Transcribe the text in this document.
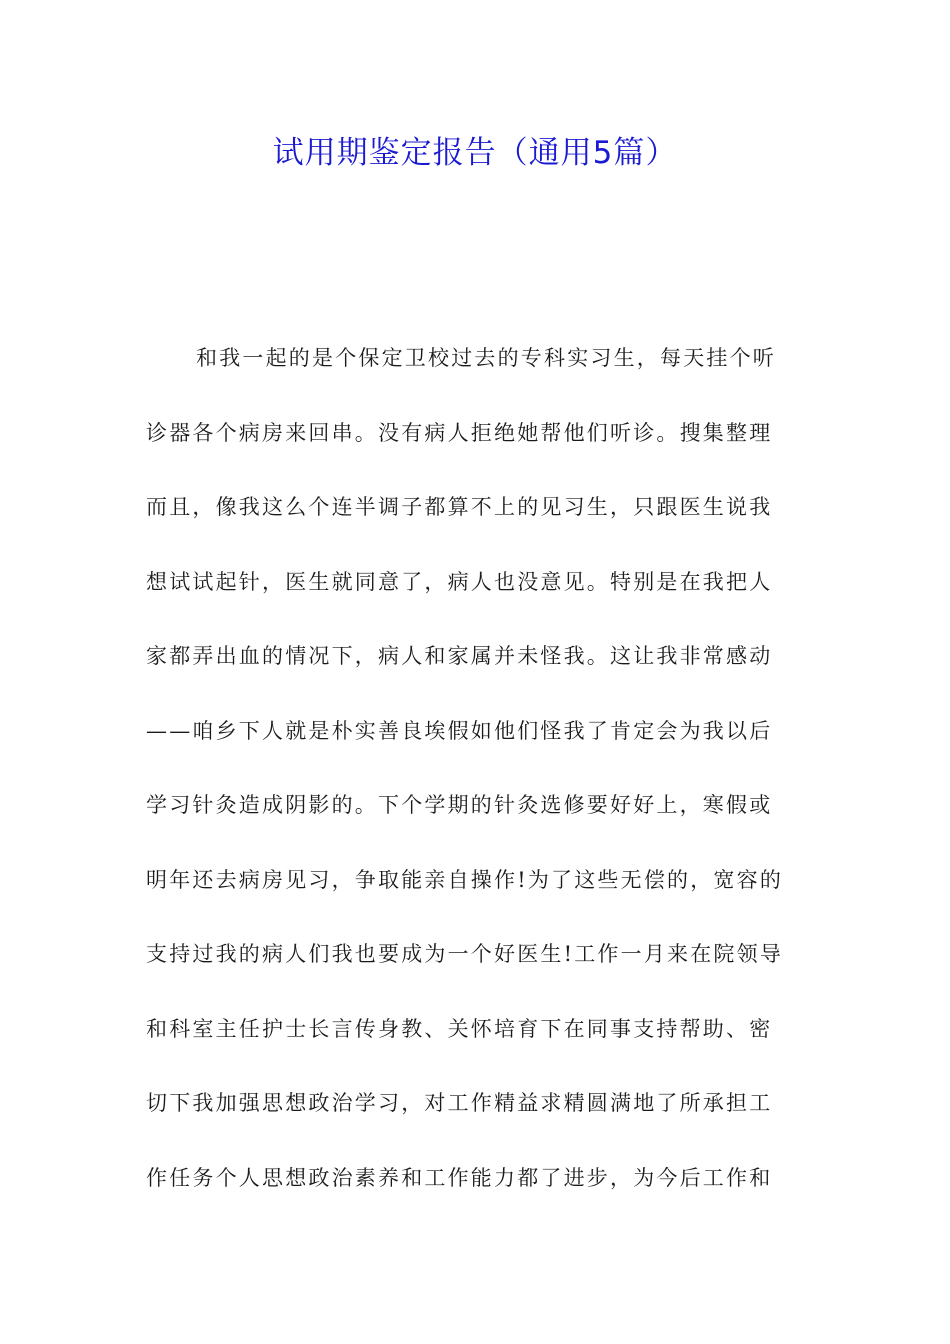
试用期鉴定报告（通用5篇）
和我一起的是个保定卫校过去的专科实习生，每天挂个听
诊器各个病房来回串。没有病人拒绝她帮他们听诊。搜集整理
而且，像我这么个连半调子都算不上的见习生，只跟医生说我
想试试起针，医生就同意了，病人也没意见。特别是在我把人
家都弄出血的情况下，病人和家属并未怪我。这让我非常感动
——咱乡下人就是朴实善良埃假如他们怪我了肯定会为我以后
学习针灸造成阴影的。下个学期的针灸选修要好好上，寒假或
明年还去病房见习，争取能亲自操作!为了这些无偿的，宽容的
支持过我的病人们我也要成为一个好医生!工作一月来在院领导
和科室主任护士长言传身教、关怀培育下在同事支持帮助、密
切下我加强思想政治学习，对工作精益求精圆满地了所承担工
作任务个人思想政治素养和工作能力都了进步，为今后工作和
